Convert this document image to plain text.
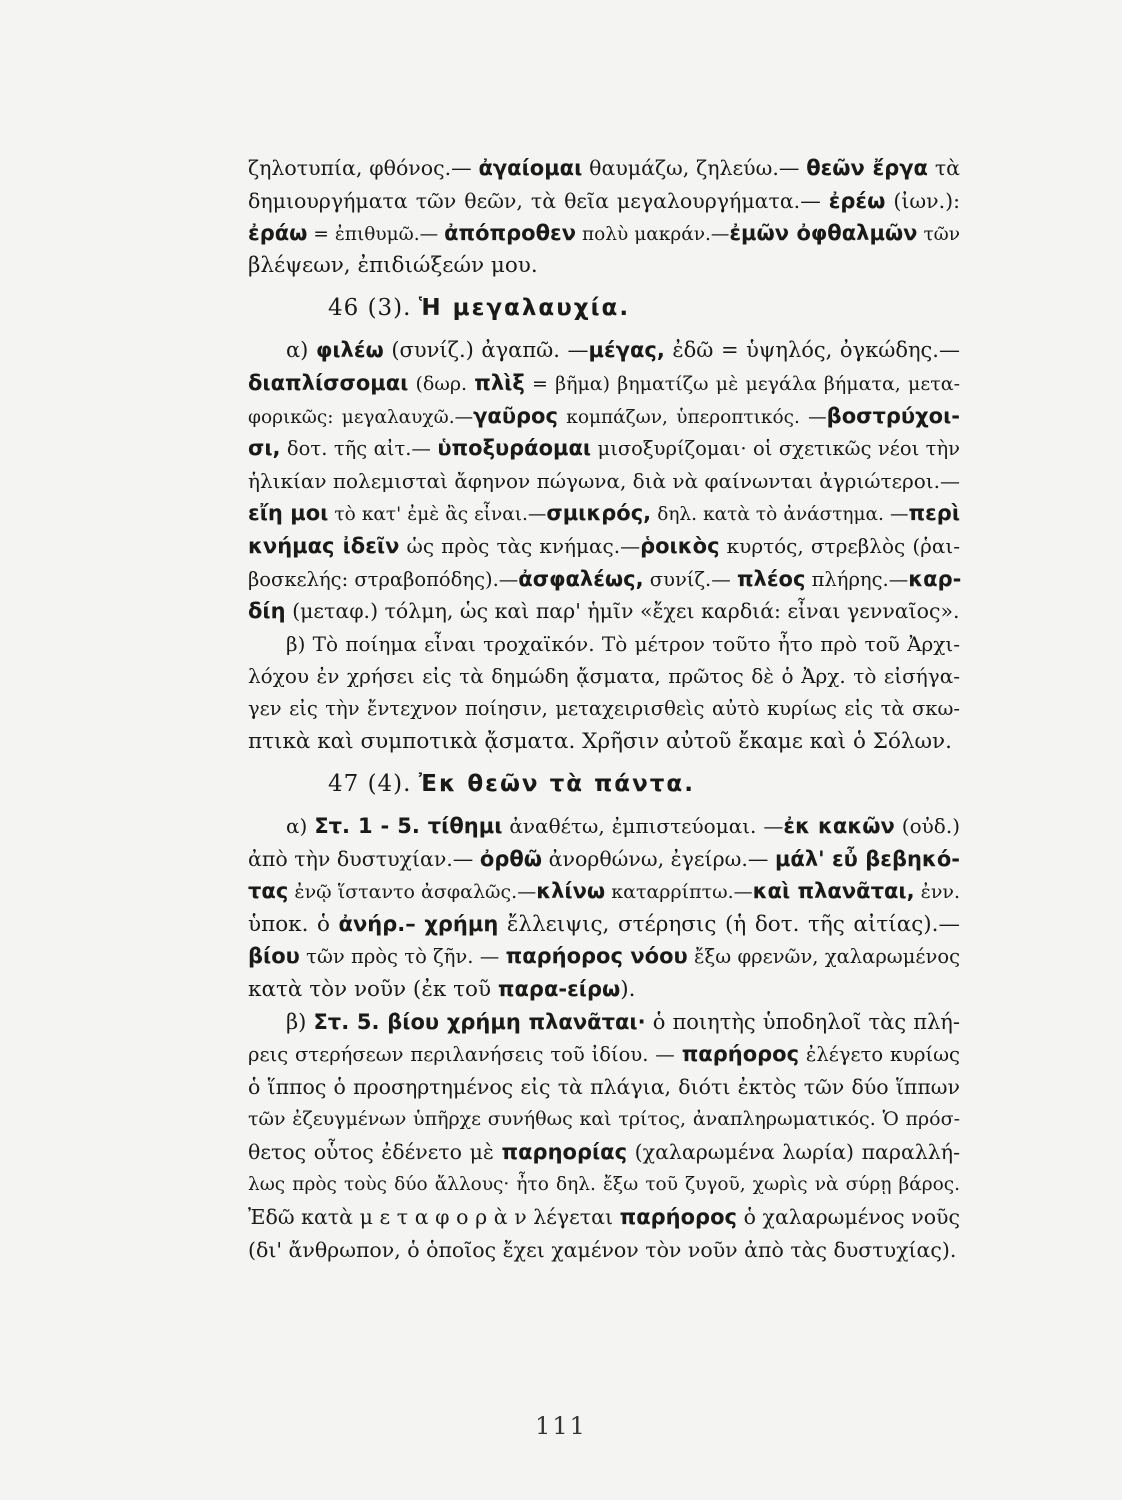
ζηλοτυπία, φθόνος.— ἀγαίομαι θαυμάζω, ζηλεύω.— θεῶν ἔργα τὰ
δημιουργήματα τῶν θεῶν, τὰ θεῖα μεγαλουργήματα.— ἐρέω (ἰων.):
ἐράω = ἐπιθυμῶ.— ἀπόπροθεν πολὺ μακράν.—ἐμῶν ὀφθαλμῶν τῶν
βλέψεων, ἐπιδιώξεών μου.
46 (3). Ἡ μεγαλαυχία.
α) φιλέω (συνίζ.) ἀγαπῶ. —μέγας, ἐδῶ = ὑψηλός, ὀγκώδης.—
διαπλίσσομαι (δωρ. πλὶξ = βῆμα) βηματίζω μὲ μεγάλα βήματα, μετα-
φορικῶς: μεγαλαυχῶ.—γαῦρος κομπάζων, ὑπεροπτικός. —βοστρύχοι-
σι, δοτ. τῆς αἰτ.— ὑποξυράομαι μισοξυρίζομαι· οἱ σχετικῶς νέοι τὴν
ἡλικίαν πολεμισταὶ ἄφηνον πώγωνα, διὰ νὰ φαίνωνται ἀγριώτεροι.—
εἴη μοι τὸ κατ' ἐμὲ ἂς εἶναι.—σμικρός, δηλ. κατὰ τὸ ἀνάστημα. —περὶ
κνήμας ἰδεῖν ὡς πρὸς τὰς κνήμας.—ῥοικὸς κυρτός, στρεβλὸς (ῥαι-
βοσκελής: στραβοπόδης).—ἀσφαλέως, συνίζ.— πλέος πλήρης.—καρ-
δίη (μεταφ.) τόλμη, ὡς καὶ παρ' ἡμῖν «ἔχει καρδιά: εἶναι γενναῖος».
β) Τὸ ποίημα εἶναι τροχαϊκόν. Τὸ μέτρον τοῦτο ἦτο πρὸ τοῦ Ἀρχι-
λόχου ἐν χρήσει εἰς τὰ δημώδη ᾄσματα, πρῶτος δὲ ὁ Ἀρχ. τὸ εἰσήγα-
γεν εἰς τὴν ἔντεχνον ποίησιν, μεταχειρισθεὶς αὐτὸ κυρίως εἰς τὰ σκω-
πτικὰ καὶ συμποτικὰ ᾄσματα. Χρῆσιν αὐτοῦ ἔκαμε καὶ ὁ Σόλων.
47 (4). Ἐκ θεῶν τὰ πάντα.
α) Στ. 1 - 5. τίθημι ἀναθέτω, ἐμπιστεύομαι. —ἐκ κακῶν (οὐδ.)
ἀπὸ τὴν δυστυχίαν.— ὀρθῶ ἀνορθώνω, ἐγείρω.— μάλ' εὖ βεβηκό-
τας ἐνῷ ἵσταντο ἀσφαλῶς.—κλίνω καταρρίπτω.—καὶ πλανᾶται, ἐνν.
ὑποκ. ὁ ἀνήρ.– χρήμη ἔλλειψις, στέρησις (ἡ δοτ. τῆς αἰτίας).—
βίου τῶν πρὸς τὸ ζῆν. — παρήορος νόου ἔξω φρενῶν, χαλαρωμένος
κατὰ τὸν νοῦν (ἐκ τοῦ παρα-είρω).
β) Στ. 5. βίου χρήμη πλανᾶται· ὁ ποιητὴς ὑποδηλοῖ τὰς πλή-
ρεις στερήσεων περιλανήσεις τοῦ ἰδίου. — παρήορος ἐλέγετο κυρίως
ὁ ἵππος ὁ προσηρτημένος εἰς τὰ πλάγια, διότι ἐκτὸς τῶν δύο ἵππων
τῶν ἐζευγμένων ὑπῆρχε συνήθως καὶ τρίτος, ἀναπληρωματικός. Ὁ πρόσ-
θετος οὗτος ἐδένετο μὲ παρηορίας (χαλαρωμένα λωρία) παραλλή-
λως πρὸς τοὺς δύο ἄλλους· ἦτο δηλ. ἔξω τοῦ ζυγοῦ, χωρὶς νὰ σύρῃ βάρος.
Ἐδῶ κατὰ μ ε τ α φ ο ρ ὰ ν λέγεται παρήορος ὁ χαλαρωμένος νοῦς
(δι' ἄνθρωπον, ὁ ὁποῖος ἔχει χαμένον τὸν νοῦν ἀπὸ τὰς δυστυχίας).
111
